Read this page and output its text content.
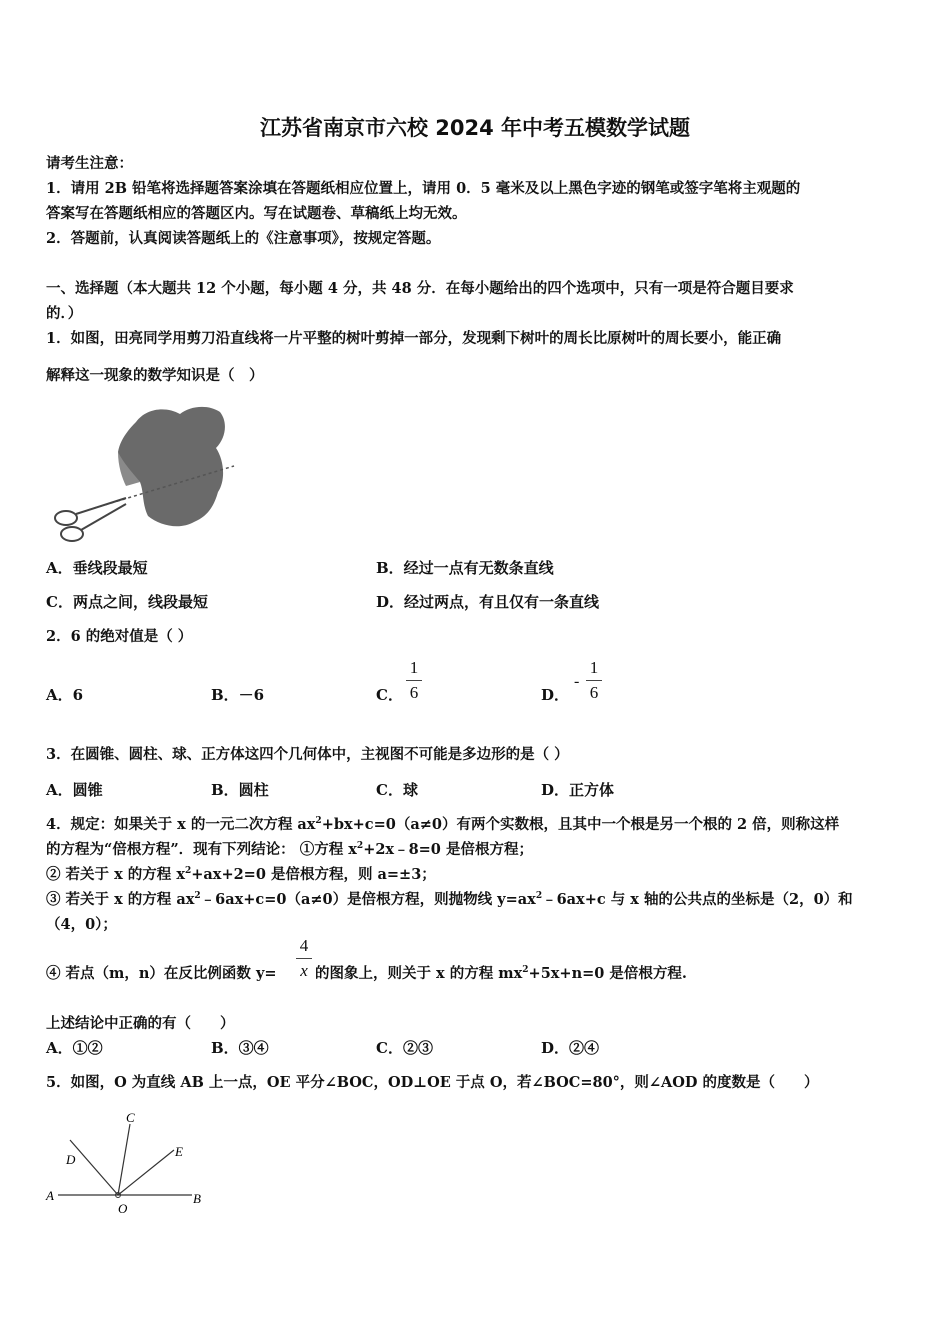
江苏省南京市六校 2024 年中考五模数学试题
请考生注意：
1．请用 2B 铅笔将选择题答案涂填在答题纸相应位置上，请用 0．5 毫米及以上黑色字迹的钢笔或签字笔将主观题的
答案写在答题纸相应的答题区内。写在试题卷、草稿纸上均无效。
2．答题前，认真阅读答题纸上的《注意事项》，按规定答题。
一、选择题（本大题共 12 个小题，每小题 4 分，共 48 分．在每小题给出的四个选项中，只有一项是符合题目要求
的．）
1．如图，田亮同学用剪刀沿直线将一片平整的树叶剪掉一部分，发现剩下树叶的周长比原树叶的周长要小，能正确
解释这一现象的数学知识是（　）
A．垂线段最短	B．经过一点有无数条直线
C．两点之间，线段最短	D．经过两点，有且仅有一条直线
2．6 的绝对值是（ ）
A．6	B．－6	C．
1
6	D．
-
1
6
3．在圆锥、圆柱、球、正方体这四个几何体中，主视图不可能是多边形的是（ ）
A．圆锥	B．圆柱	C．球	D．正方体
4．规定：如果关于 x 的一元二次方程 $ax^2+bx+c=0(a\ne 0)$有两个实数根，且其中一个根是另一个根的 2 倍，则称这样
的方程为“倍根方程”．现有下列结论： ①方程 $x^2+2x﹣8=0$ 是倍根方程；
② 若关于 x 的方程 $x^2+ax+2=0$ 是倍根方程，则 a=±3；
③ 若关于 x 的方程 $ax^2﹣6ax+c=0(a\ne 0)$是倍根方程，则抛物线 $y=ax^2﹣6ax+c$ 与 x 轴的公共点的坐标是（2，0）和
（4，0）；
④ 若点（m，n）在反比例函数 y=
4
x 的图象上，则关于 x 的方程 $mx^2+5x+n=0$ 是倍根方程.
上述结论中正确的有（　　）
A．①②	B．③④	C．②③	D．②④
5．如图，O 为直线 AB 上一点，OE 平分∠BOC，OD⊥OE 于点 O，若∠BOC=80°，则∠AOD 的度数是（　　）
A	B
C
D
E
O
